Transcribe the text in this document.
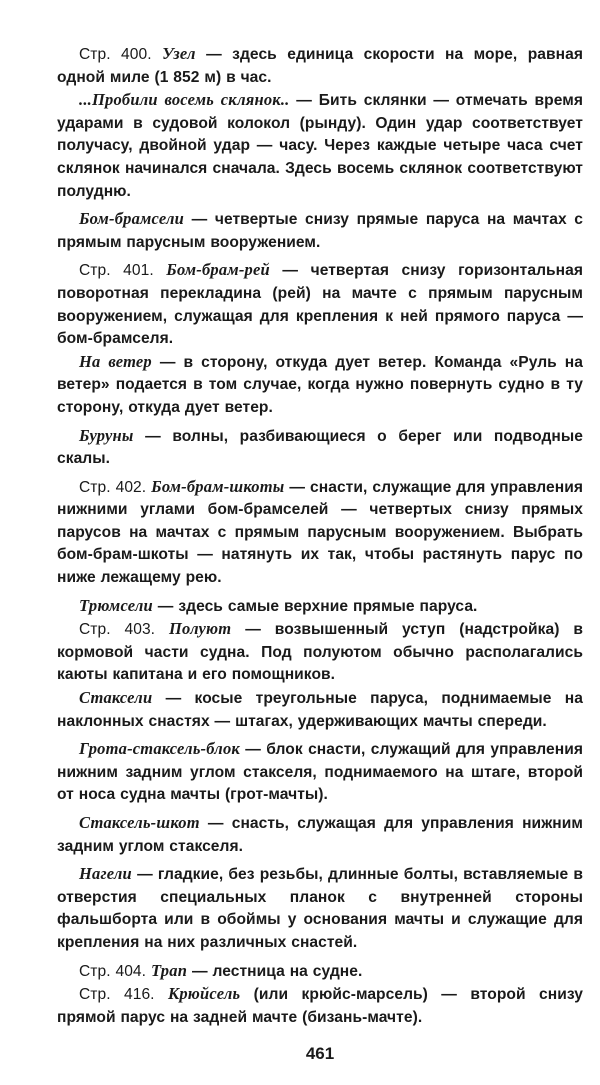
Стр. 400. Узел — здесь единица скорости на море, равная одной миле (1 852 м) в час.

...Пробили восемь склянок.. — Бить склянки — отмечать время ударами в судовой колокол (рынду). Один удар соответствует получасу, двойной удар — часу. Через каждые четыре часа счет склянок начинался сначала. Здесь восемь склянок соответствуют полудню.

Бом-брамсели — четвертые снизу прямые паруса на мачтах с прямым парусным вооружением.

Стр. 401. Бом-брам-рей — четвертая снизу горизонтальная поворотная перекладина (рей) на мачте с прямым парусным вооружением, служащая для крепления к ней прямого паруса — бом-брамселя.

На ветер — в сторону, откуда дует ветер. Команда «Руль на ветер» подается в том случае, когда нужно повернуть судно в ту сторону, откуда дует ветер.

Буруны — волны, разбивающиеся о берег или подводные скалы.

Стр. 402. Бом-брам-шкоты — снасти, служащие для управления нижними углами бом-брамселей — четвертых снизу прямых парусов на мачтах с прямым парусным вооружением. Выбрать бом-брам-шкоты — натянуть их так, чтобы растянуть парус по ниже лежащему рею.

Трюмсели — здесь самые верхние прямые паруса.

Стр. 403. Полуют — возвышенный уступ (надстройка) в кормовой части судна. Под полуютом обычно располагались каюты капитана и его помощников.

Стаксели — косые треугольные паруса, поднимаемые на наклонных снастях — штагах, удерживающих мачты спереди.

Грота-стаксель-блок — блок снасти, служащий для управления нижним задним углом стакселя, поднимаемого на штаге, второй от носа судна мачты (грот-мачты).

Стаксель-шкот — снасть, служащая для управления нижним задним углом стакселя.

Нагели — гладкие, без резьбы, длинные болты, вставляемые в отверстия специальных планок с внутренней стороны фальшборта или в обоймы у основания мачты и служащие для крепления на них различных снастей.

Стр. 404. Трап — лестница на судне.

Стр. 416. Крюйсель (или крюйс-марсель) — второй снизу прямой парус на задней мачте (бизань-мачте).

461
